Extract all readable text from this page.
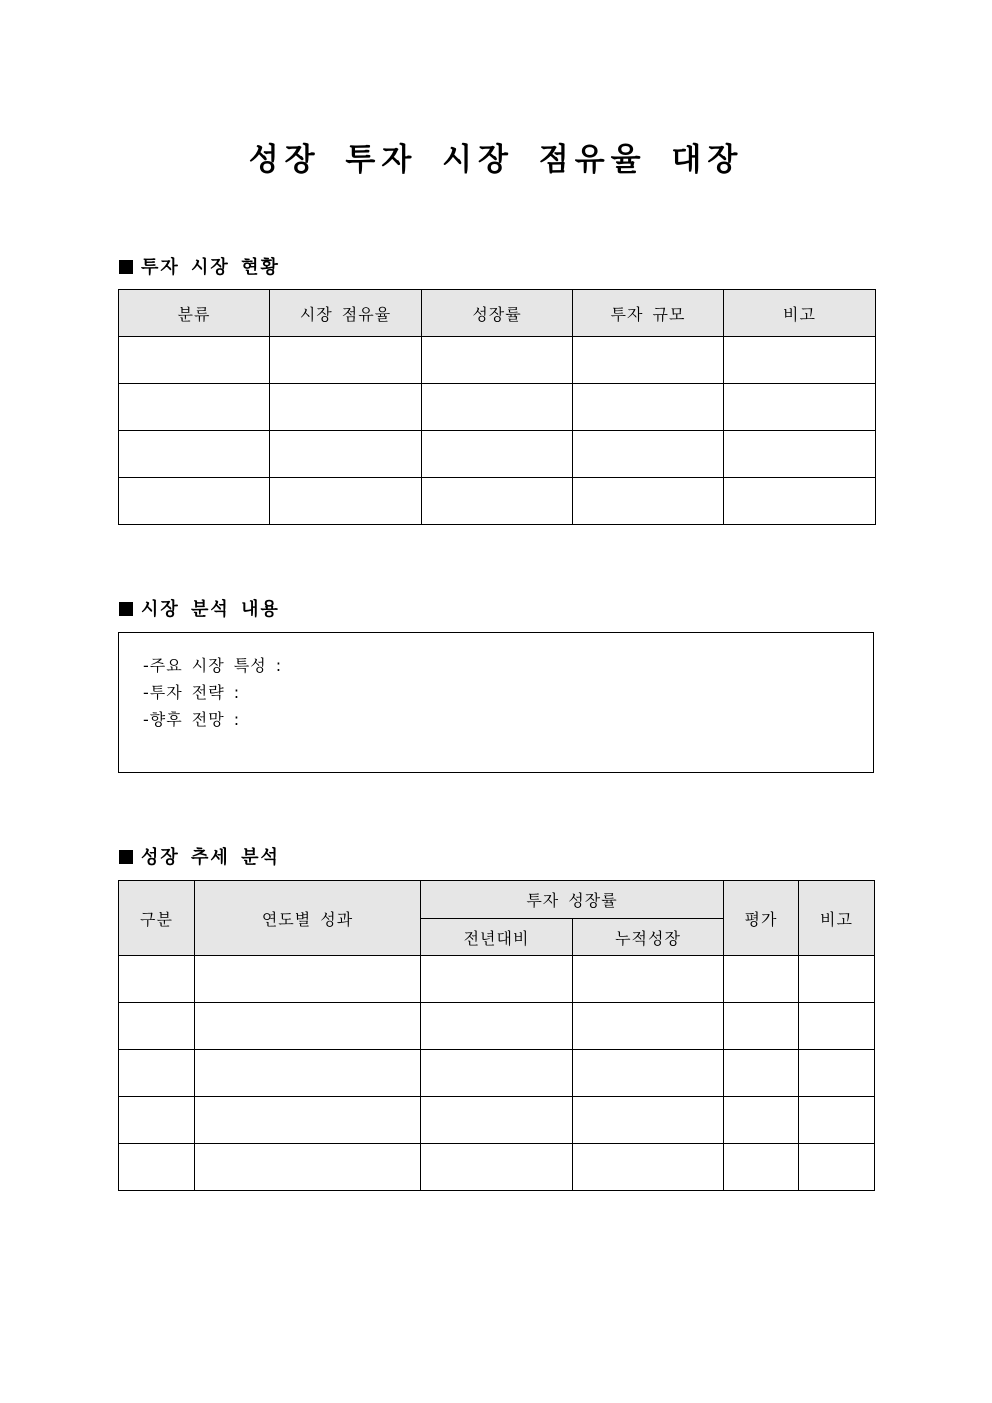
성장 투자 시장 점유율 대장
투자 시장 현황
분류	시장 점유율	성장률	투자 규모	비고

시장 분석 내용
-주요 시장 특성 :
-투자 전략 :
-향후 전망 :
성장 추세 분석
구분	연도별 성과	투자 성장률		평가	비고
		전년대비	누적성장		
